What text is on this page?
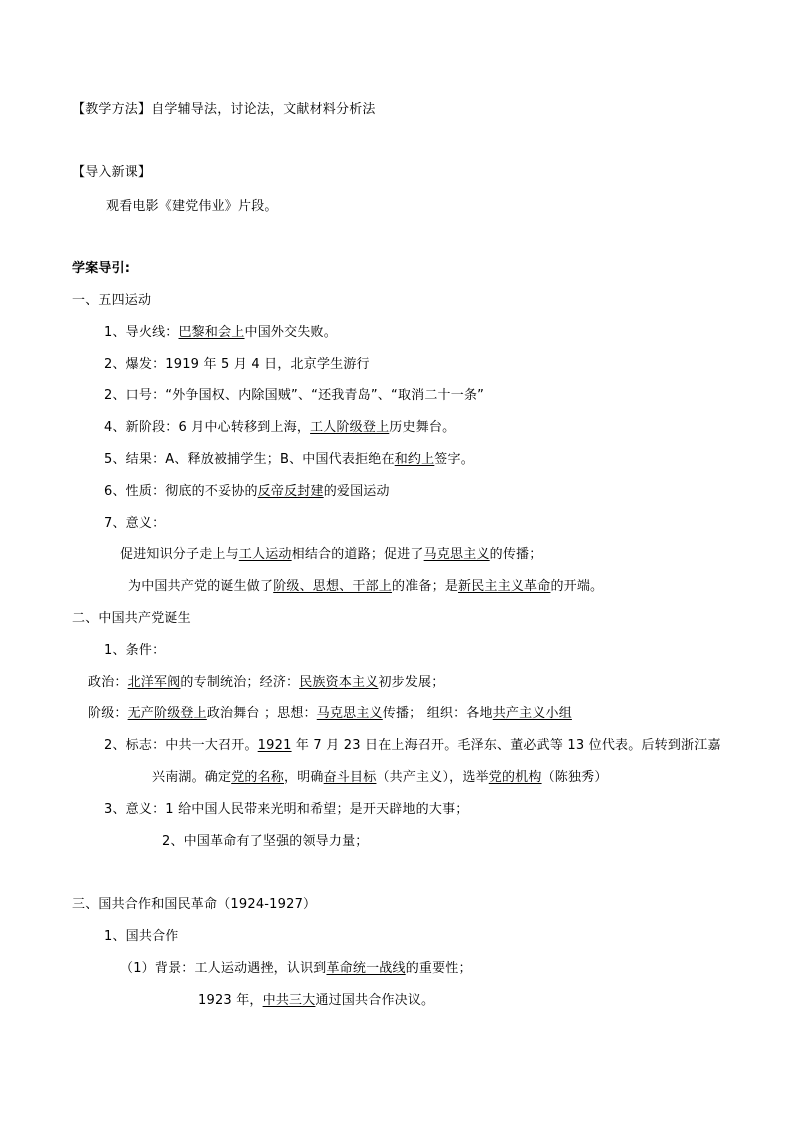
【教学方法】自学辅导法，讨论法，文献材料分析法
【导入新课】
观看电影《建党伟业》片段。
学案导引:
一、五四运动
1、导火线：巴黎和会上中国外交失败。
2、爆发：1919 年 5 月 4 日，北京学生游行
2、口号：“外争国权、内除国贼”、“还我青岛”、“取消二十一条”
4、新阶段：6 月中心转移到上海，工人阶级登上历史舞台。
5、结果：A、释放被捕学生；B、中国代表拒绝在和约上签字。
6、性质：彻底的不妥协的反帝反封建的爱国运动
7、意义：
促进知识分子走上与工人运动相结合的道路；促进了马克思主义的传播；
为中国共产党的诞生做了阶级、思想、干部上的准备；是新民主主义革命的开端。
二、中国共产党诞生
1、条件：
政治：北洋军阀的专制统治；经济：民族资本主义初步发展；
阶级：无产阶级登上政治舞台 ；思想：马克思主义传播； 组织：各地共产主义小组
2、标志：中共一大召开。1921 年 7 月 23 日在上海召开。毛泽东、董必武等 13 位代表。后转到浙江嘉
兴南湖。确定党的名称，明确奋斗目标（共产主义），选举党的机构（陈独秀）
3、意义：1 给中国人民带来光明和希望；是开天辟地的大事；
2、中国革命有了坚强的领导力量；
三、国共合作和国民革命（1924-1927）
1、国共合作
（1）背景：工人运动遇挫，认识到革命统一战线的重要性；
1923 年，中共三大通过国共合作决议。
